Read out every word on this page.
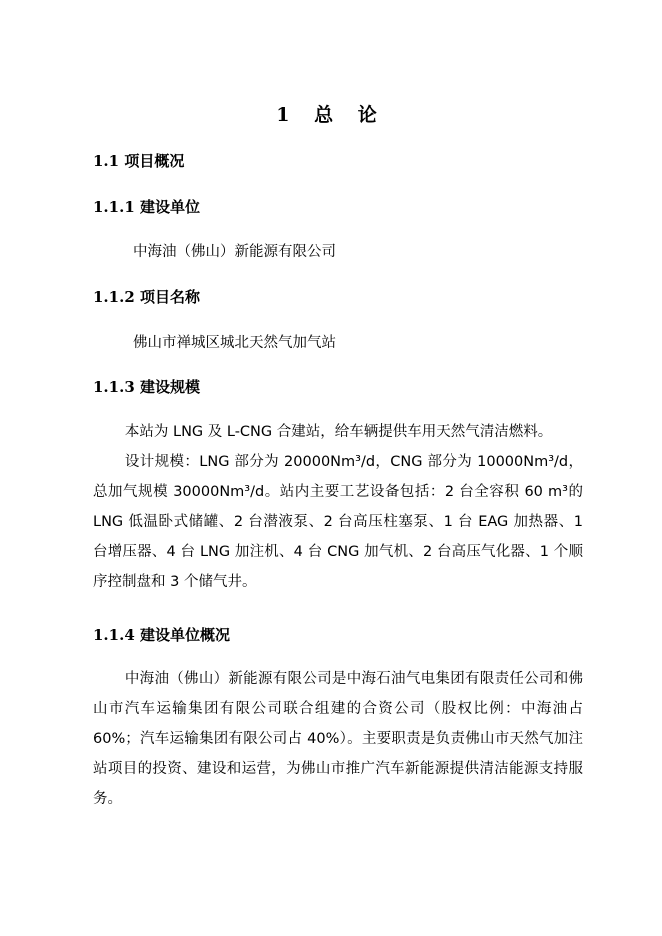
1 总 论
1.1 项目概况
1.1.1 建设单位
中海油（佛山）新能源有限公司
1.1.2 项目名称
佛山市禅城区城北天然气加气站
1.1.3 建设规模

本站为 LNG 及 L-CNG 合建站，给车辆提供车用天然气清洁燃料。

设计规模：LNG 部分为 20000Nm³/d，CNG 部分为 10000Nm³/d，总加气规模 30000Nm³/d。站内主要工艺设备包括：2 台全容积 60 m³的 LNG 低温卧式储罐、2 台潜液泵、2 台高压柱塞泵、1 台 EAG 加热器、1 台增压器、4 台 LNG 加注机、4 台 CNG 加气机、2 台高压气化器、1 个顺序控制盘和 3 个储气井。

1.1.4 建设单位概况

中海油（佛山）新能源有限公司是中海石油气电集团有限责任公司和佛山市汽车运输集团有限公司联合组建的合资公司（股权比例：中海油占 60%；汽车运输集团有限公司占 40%）。主要职责是负责佛山市天然气加注站项目的投资、建设和运营，为佛山市推广汽车新能源提供清洁能源支持服务。
